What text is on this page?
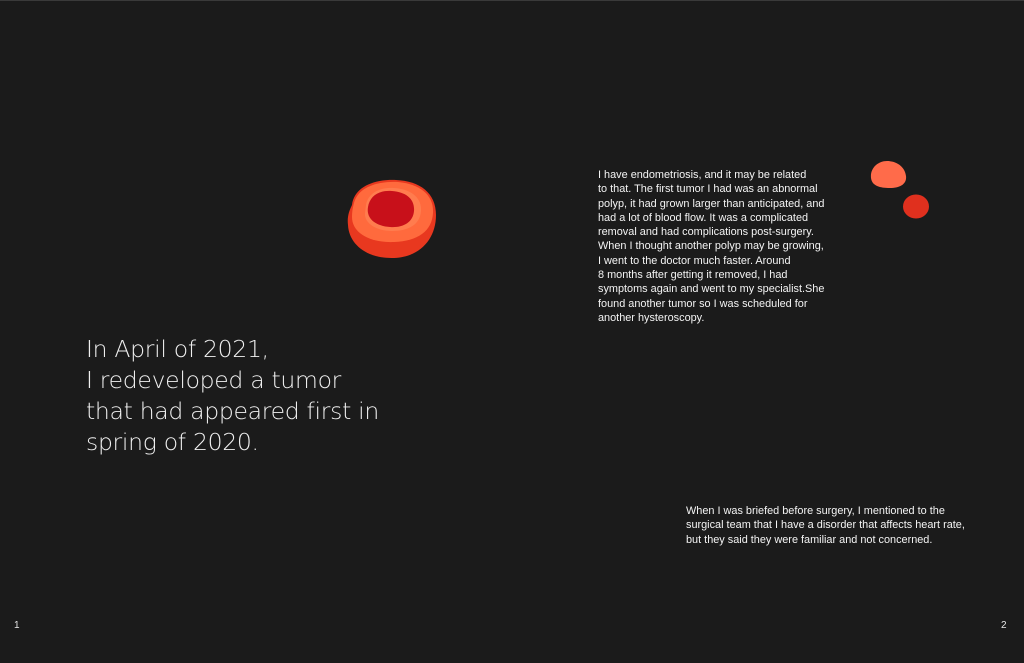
In April of 2021,
I redeveloped a tumor
that had appeared first in
spring of 2020.
I have endometriosis, and it may be related
to that. The first tumor I had was an abnormal
polyp, it had grown larger than anticipated, and
had a lot of blood flow. It was a complicated
removal and had complications post-surgery.
When I thought another polyp may be growing,
I went to the doctor much faster. Around
8 months after getting it removed, I had
symptoms again and went to my specialist.She
found another tumor so I was scheduled for
another hysteroscopy.
When I was briefed before surgery, I mentioned to the
surgical team that I have a disorder that affects heart rate,
but they said they were familiar and not concerned.
1	2
